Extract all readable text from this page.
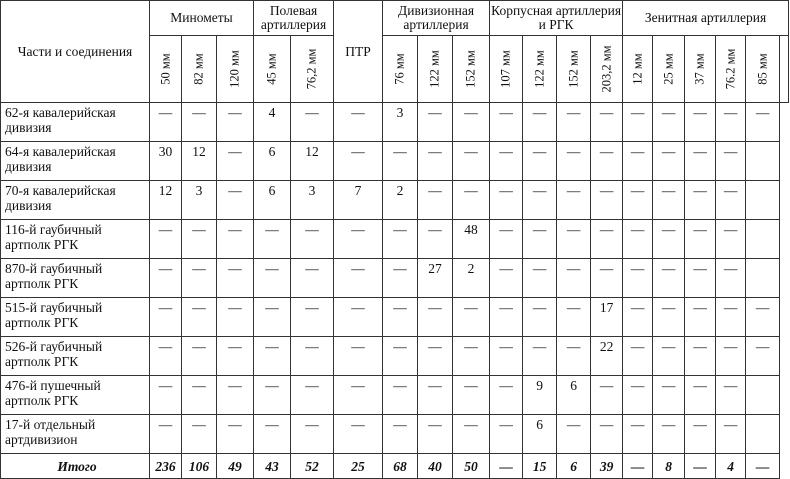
Части и соединения	Минометы			Полевая артиллерия		ПТР	Дивизионная артиллерия			Корпусная артиллерия и РГК				Зенитная артиллерия					

	50 мм	82 мм	120 мм	45 мм	76,2 мм		76 мм	122 мм	152 мм	107 мм	122 мм	152 мм	203,2 мм	12 мм	25 мм	37 мм	76.2 мм	85 мм	

62-я кавалерийская дивизия	—	—	—	4	—	—	3	—	—	—	—	—	—	—	—	—	—	—	
64-я кавалерийская дивизия	30	12	—	6	12	—	—	—	—	—	—	—	—	—	—	—	—		
70-я кавалерийская дивизия	12	3	—	6	3	7	2	—	—	—	—	—	—	—	—	—	—		
116-й гаубичный артполк РГК	—	—	—	—	—	—	—	—	48	—	—	—	—	—	—	—	—		
870-й гаубичный артполк РГК	—	—	—	—	—	—	—	27	2	—	—	—	—	—	—	—	—		
515-й гаубичный артполк РГК	—	—	—	—	—	—	—	—	—	—	—	—	17	—	—	—	—	—	
526-й гаубичный артполк РГК	—	—	—	—	—	—	—	—	—	—	—	—	22	—	—	—	—	—	
476-й пушечный артполк РГК	—	—	—	—	—	—	—	—	—	—	9	6	—	—	—	—	—		
17-й отдельный артдивизион	—	—	—	—	—	—	—	—	—	—	6	—	—	—	—	—	—		
Итого	236	106	49	43	52	25	68	40	50	—	15	6	39	—	8	—	4	—	
